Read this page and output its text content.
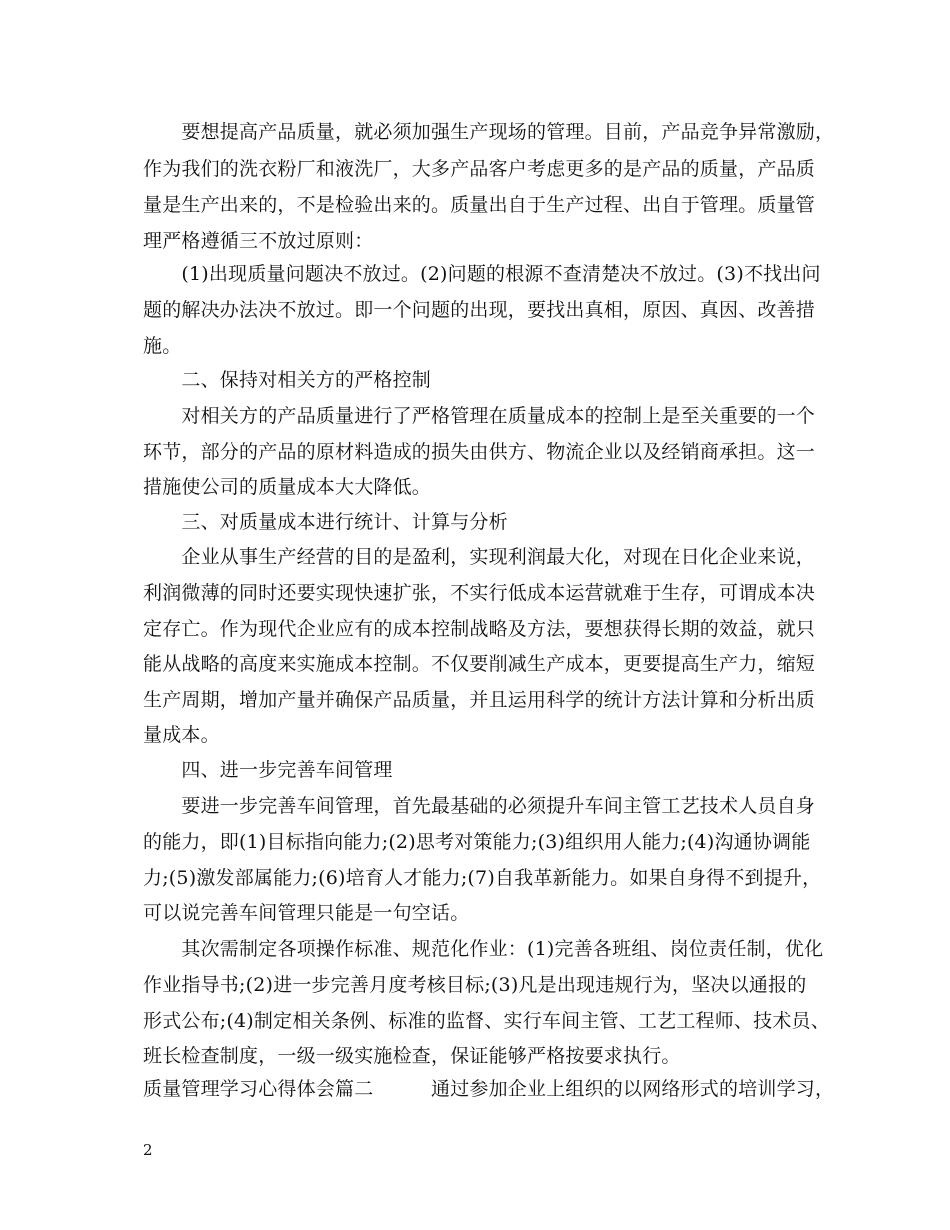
　　要想提高产品质量，就必须加强生产现场的管理。目前，产品竞争异常激励，
作为我们的洗衣粉厂和液洗厂，大多产品客户考虑更多的是产品的质量，产品质
量是生产出来的，不是检验出来的。质量出自于生产过程、出自于管理。质量管
理严格遵循三不放过原则：
　　(1)出现质量问题决不放过。(2)问题的根源不查清楚决不放过。(3)不找出问
题的解决办法决不放过。即一个问题的出现，要找出真相，原因、真因、改善措
施。
　　二、保持对相关方的严格控制
　　对相关方的产品质量进行了严格管理在质量成本的控制上是至关重要的一个
环节，部分的产品的原材料造成的损失由供方、物流企业以及经销商承担。这一
措施使公司的质量成本大大降低。
　　三、对质量成本进行统计、计算与分析
　　企业从事生产经营的目的是盈利，实现利润最大化，对现在日化企业来说，
利润微薄的同时还要实现快速扩张，不实行低成本运营就难于生存，可谓成本决
定存亡。作为现代企业应有的成本控制战略及方法，要想获得长期的效益，就只
能从战略的高度来实施成本控制。不仅要削减生产成本，更要提高生产力，缩短
生产周期，增加产量并确保产品质量，并且运用科学的统计方法计算和分析出质
量成本。
　　四、进一步完善车间管理
　　要进一步完善车间管理，首先最基础的必须提升车间主管工艺技术人员自身
的能力，即(1)目标指向能力;(2)思考对策能力;(3)组织用人能力;(4)沟通协调能
力;(5)激发部属能力;(6)培育人才能力;(7)自我革新能力。如果自身得不到提升，
可以说完善车间管理只能是一句空话。
　　其次需制定各项操作标准、规范化作业：(1)完善各班组、岗位责任制，优化
作业指导书;(2)进一步完善月度考核目标;(3)凡是出现违规行为，坚决以通报的
形式公布;(4)制定相关条例、标准的监督、实行车间主管、工艺工程师、技术员、
班长检查制度，一级一级实施检查，保证能够严格按要求执行。
质量管理学习心得体会篇二　　　通过参加企业上组织的以网络形式的培训学习，
2
